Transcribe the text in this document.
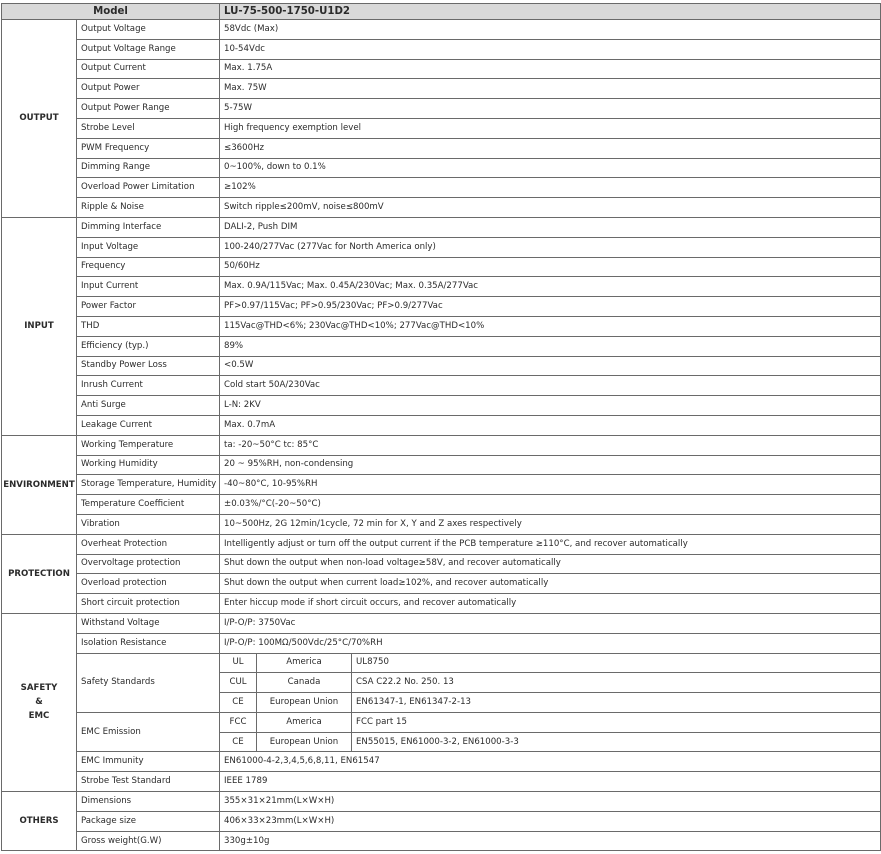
Model		LU-75-500-1750-U1D2		
OUTPUT	Output Voltage	58Vdc (Max)		
	Output Voltage Range	10-54Vdc		
	Output Current	Max. 1.75A		
	Output Power	Max. 75W		
	Output Power Range	5-75W		
	Strobe Level	High frequency exemption level		
	PWM Frequency	≤3600Hz		
	Dimming Range	0~100%, down to 0.1%		
	Overload Power Limitation	≥102%		
	Ripple & Noise	Switch ripple≤200mV, noise≤800mV		
INPUT	Dimming Interface	DALI-2, Push DIM		
	Input Voltage	100-240/277Vac (277Vac for North America only)		
	Frequency	50/60Hz		
	Input Current	Max. 0.9A/115Vac; Max. 0.45A/230Vac; Max. 0.35A/277Vac		
	Power Factor	PF>0.97/115Vac; PF>0.95/230Vac; PF>0.9/277Vac		
	THD	115Vac@THD<6%; 230Vac@THD<10%; 277Vac@THD<10%		
	Efficiency (typ.)	89%		
	Standby Power Loss	<0.5W		
	Inrush Current	Cold start 50A/230Vac		
	Anti Surge	L-N: 2KV		
	Leakage Current	Max. 0.7mA		
ENVIRONMENT	Working Temperature	ta: -20~50°C tc: 85°C		
	Working Humidity	20 ~ 95%RH, non-condensing		
	Storage Temperature, Humidity	-40~80°C, 10-95%RH		
	Temperature Coefficient	±0.03%/°C(-20~50°C)		
	Vibration	10~500Hz, 2G 12min/1cycle, 72 min for X, Y and Z axes respectively		
PROTECTION	Overheat Protection	Intelligently adjust or turn off the output current if the PCB temperature ≥110°C, and recover automatically		
	Overvoltage protection	Shut down the output when non-load voltage≥58V, and recover automatically		
	Overload protection	Shut down the output when current load≥102%, and recover automatically		
	Short circuit protection	Enter hiccup mode if short circuit occurs, and recover automatically		
SAFETY
&
EMC	Withstand Voltage	I/P-O/P: 3750Vac		
	Isolation Resistance	I/P-O/P: 100MΩ/500Vdc/25°C/70%RH		
	Safety Standards	UL	America	UL8750
		CUL	Canada	CSA C22.2 No. 250. 13
		CE	European Union	EN61347-1, EN61347-2-13
	EMC Emission	FCC	America	FCC part 15
		CE	European Union	EN55015, EN61000-3-2, EN61000-3-3
	EMC Immunity	EN61000-4-2,3,4,5,6,8,11, EN61547		
	Strobe Test Standard	IEEE 1789		
OTHERS	Dimensions	355×31×21mm(L×W×H)		
	Package size	406×33×23mm(L×W×H)		
	Gross weight(G.W)	330g±10g		
